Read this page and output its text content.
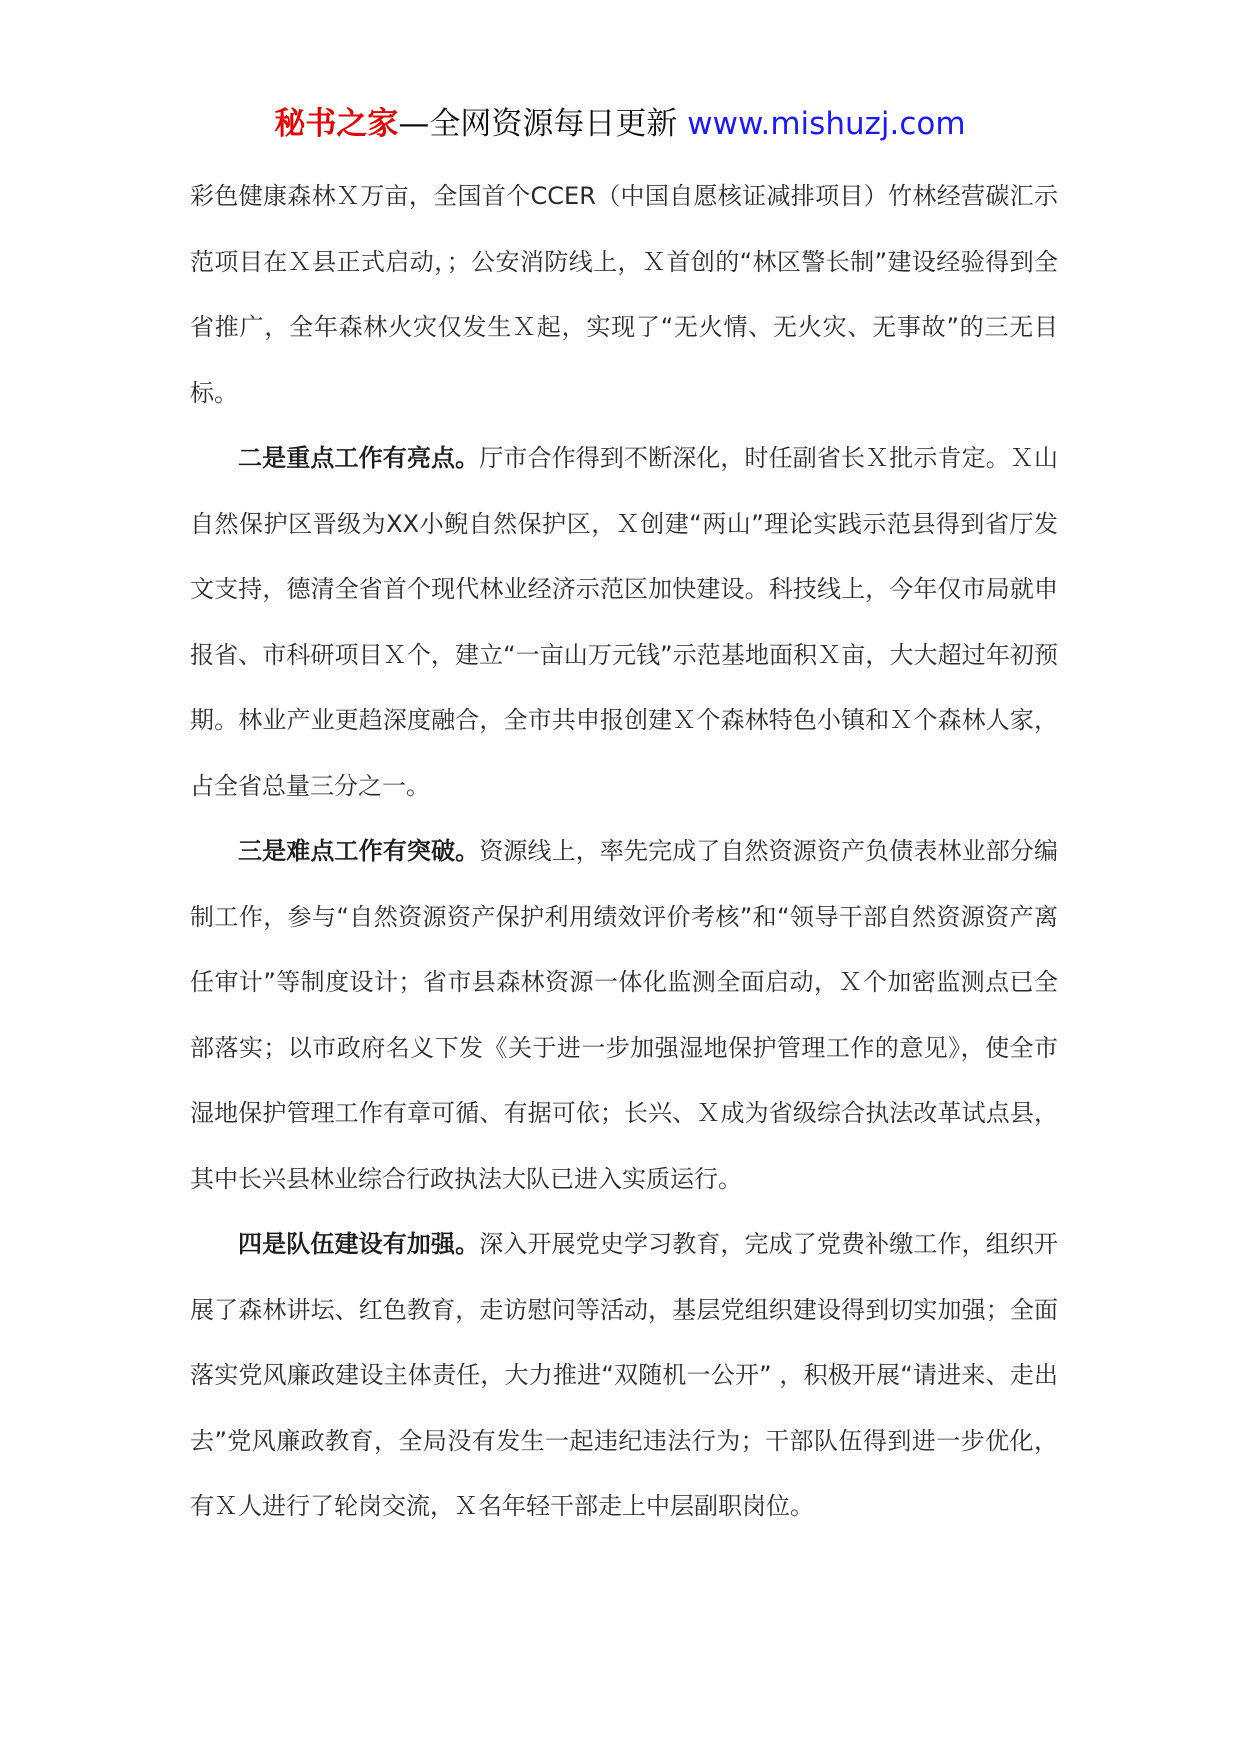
秘书之家—全网资源每日更新 www.mishuzj.com

彩色健康森林Ｘ万亩，全国首个CCER（中国自愿核证减排项目）竹林经营碳汇示范项目在Ｘ县正式启动，；公安消防线上，Ｘ首创的“林区警长制”建设经验得到全省推广，全年森林火灾仅发生Ｘ起，实现了“无火情、无火灾、无事故”的三无目标。

二是重点工作有亮点。厅市合作得到不断深化，时任副省长Ｘ批示肯定。Ｘ山自然保护区晋级为XX小鲵自然保护区，Ｘ创建“两山”理论实践示范县得到省厅发文支持，德清全省首个现代林业经济示范区加快建设。科技线上，今年仅市局就申报省、市科研项目Ｘ个，建立“一亩山万元钱”示范基地面积Ｘ亩，大大超过年初预期。林业产业更趋深度融合，全市共申报创建Ｘ个森林特色小镇和Ｘ个森林人家，占全省总量三分之一。

三是难点工作有突破。资源线上，率先完成了自然资源资产负债表林业部分编制工作，参与“自然资源资产保护利用绩效评价考核”和“领导干部自然资源资产离任审计”等制度设计；省市县森林资源一体化监测全面启动，Ｘ个加密监测点已全部落实；以市政府名义下发《关于进一步加强湿地保护管理工作的意见》，使全市湿地保护管理工作有章可循、有据可依；长兴、Ｘ成为省级综合执法改革试点县，其中长兴县林业综合行政执法大队已进入实质运行。

四是队伍建设有加强。深入开展党史学习教育，完成了党费补缴工作，组织开展了森林讲坛、红色教育，走访慰问等活动，基层党组织建设得到切实加强；全面落实党风廉政建设主体责任，大力推进“双随机一公开” ，积极开展“请进来、走出去”党风廉政教育，全局没有发生一起违纪违法行为；干部队伍得到进一步优化，有Ｘ人进行了轮岗交流，Ｘ名年轻干部走上中层副职岗位。
